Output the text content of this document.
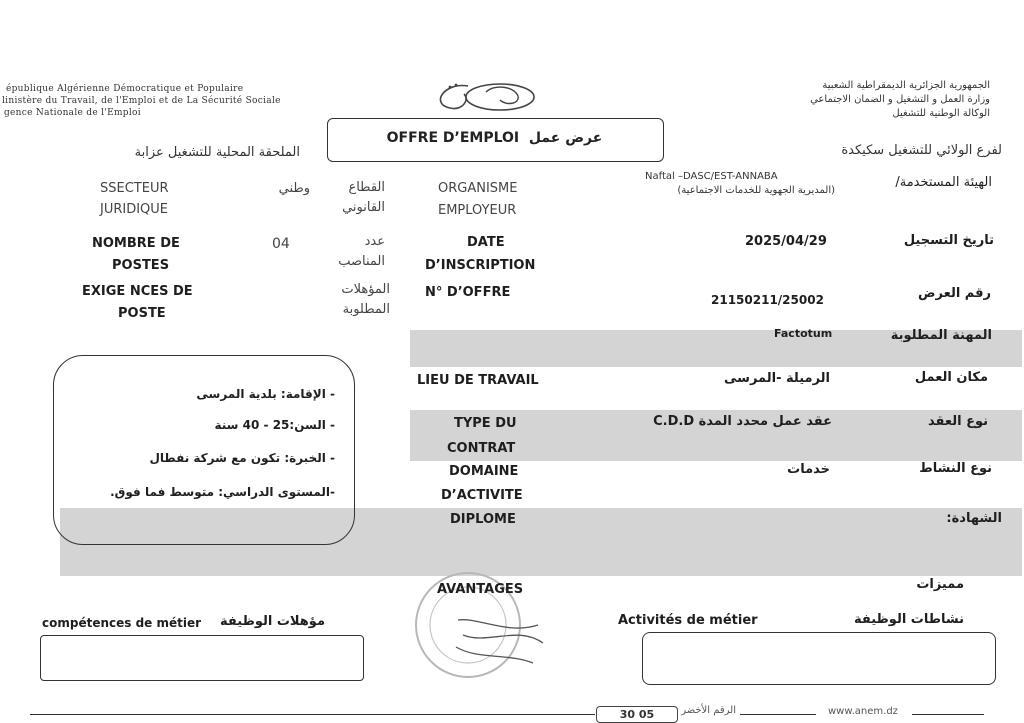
épublique Algérienne Démocratique et Populaire
linistère du Travail, de l'Emploi et de La Sécurité Sociale
gence Nationale de l'Emploi
الجمهورية الجزائرية الديمقراطية الشعبية
وزارة العمل و التشغيل و الضمان الاجتماعي
الوكالة الوطنية للتشغيل
OFFRE D’EMPLOI عرض عمل
الملحقة المحلية للتشغيل عزابة	لفرع الولائي للتشغيل سكيكدة
SSECTEUR
JURIDIQUE
وطني	القطاع
القانوني
ORGANISME
EMPLOYEUR
Naftal –DASC/EST-ANNABA
(المديرية الجهوية للخدمات الاجتماعية)
الهيئة المستخدمة/
NOMBRE DE
POSTES
04	عدد
المناصب
DATE
D’INSCRIPTION
2025/04/29	تاريخ التسجيل
EXIGE NCES DE
POSTE
المؤهلات
المطلوبة
N° D’OFFRE	21150211/25002	رقم العرض
Factotum	المهنة المطلوبة
- الإقامة: بلدية المرسى
- السن:25 - 40 سنة
- الخبرة: تكون مع شركة نفطال
-المستوى الدراسي: متوسط فما فوق.
LIEU DE TRAVAIL	الرميلة -المرسى	مكان العمل
TYPE DU
CONTRAT
عقد عمل محدد المدة C.D.D	نوع العقد
DOMAINE
D’ACTIVITE
خدمات	نوع النشاط
DIPLOME	الشهادة:
AVANTAGES	مميزات
compétences de métier مؤهلات الوظيفة	Activités de métier	نشاطات الوظيفة
30 05	الرقم الأخضر	www.anem.dz
